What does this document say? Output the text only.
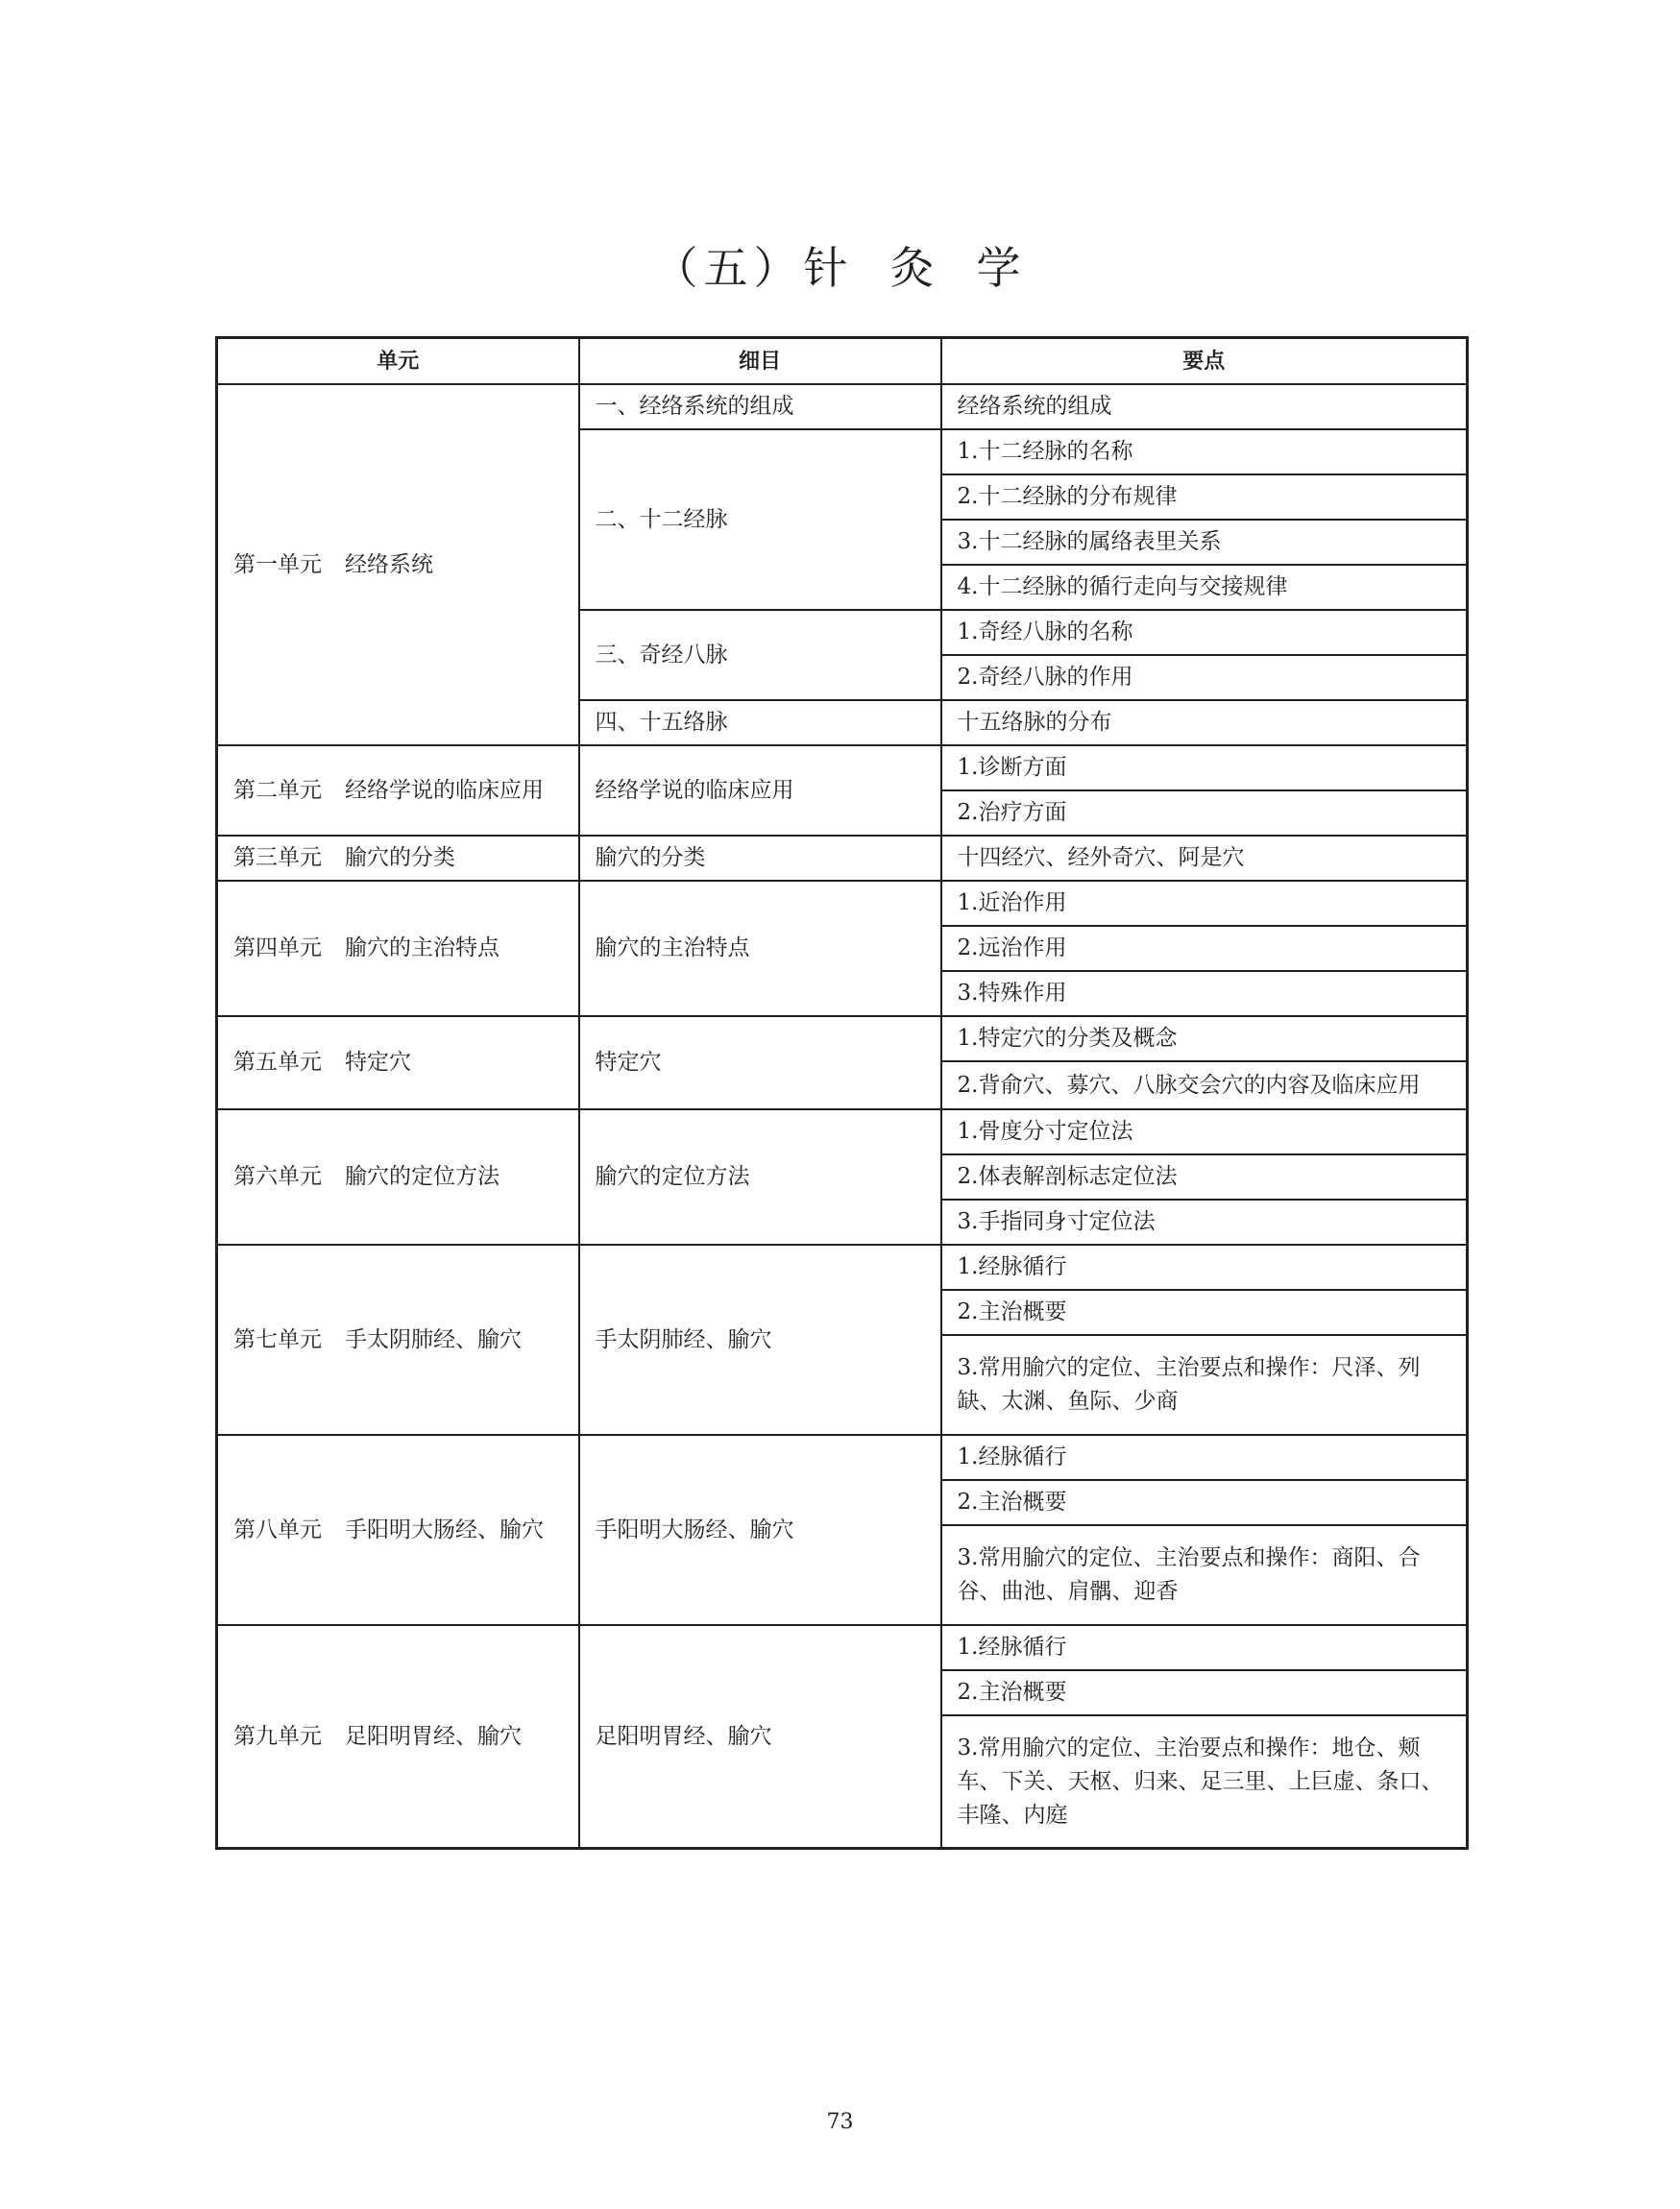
（五）针 灸 学
单元	细目	要点
第一单元 经络系统	一、经络系统的组成	经络系统的组成
	二、十二经脉	1.十二经脉的名称
		2.十二经脉的分布规律
		3.十二经脉的属络表里关系
		4.十二经脉的循行走向与交接规律
	三、奇经八脉	1.奇经八脉的名称
		2.奇经八脉的作用
	四、十五络脉	十五络脉的分布
第二单元 经络学说的临床应用	经络学说的临床应用	1.诊断方面
		2.治疗方面
第三单元 腧穴的分类	腧穴的分类	十四经穴、经外奇穴、阿是穴
第四单元 腧穴的主治特点	腧穴的主治特点	1.近治作用
		2.远治作用
		3.特殊作用
第五单元 特定穴	特定穴	1.特定穴的分类及概念
		2.背俞穴、募穴、八脉交会穴的内容及临床应用
第六单元 腧穴的定位方法	腧穴的定位方法	1.骨度分寸定位法
		2.体表解剖标志定位法
		3.手指同身寸定位法
第七单元 手太阴肺经、腧穴	手太阴肺经、腧穴	1.经脉循行
		2.主治概要
		3.常用腧穴的定位、主治要点和操作：尺泽、列缺、太渊、鱼际、少商
第八单元 手阳明大肠经、腧穴	手阳明大肠经、腧穴	1.经脉循行
		2.主治概要
		3.常用腧穴的定位、主治要点和操作：商阳、合谷、曲池、肩髃、迎香
第九单元 足阳明胃经、腧穴	足阳明胃经、腧穴	1.经脉循行
		2.主治概要
		3.常用腧穴的定位、主治要点和操作：地仓、颊车、下关、天枢、归来、足三里、上巨虚、条口、丰隆、内庭
73
